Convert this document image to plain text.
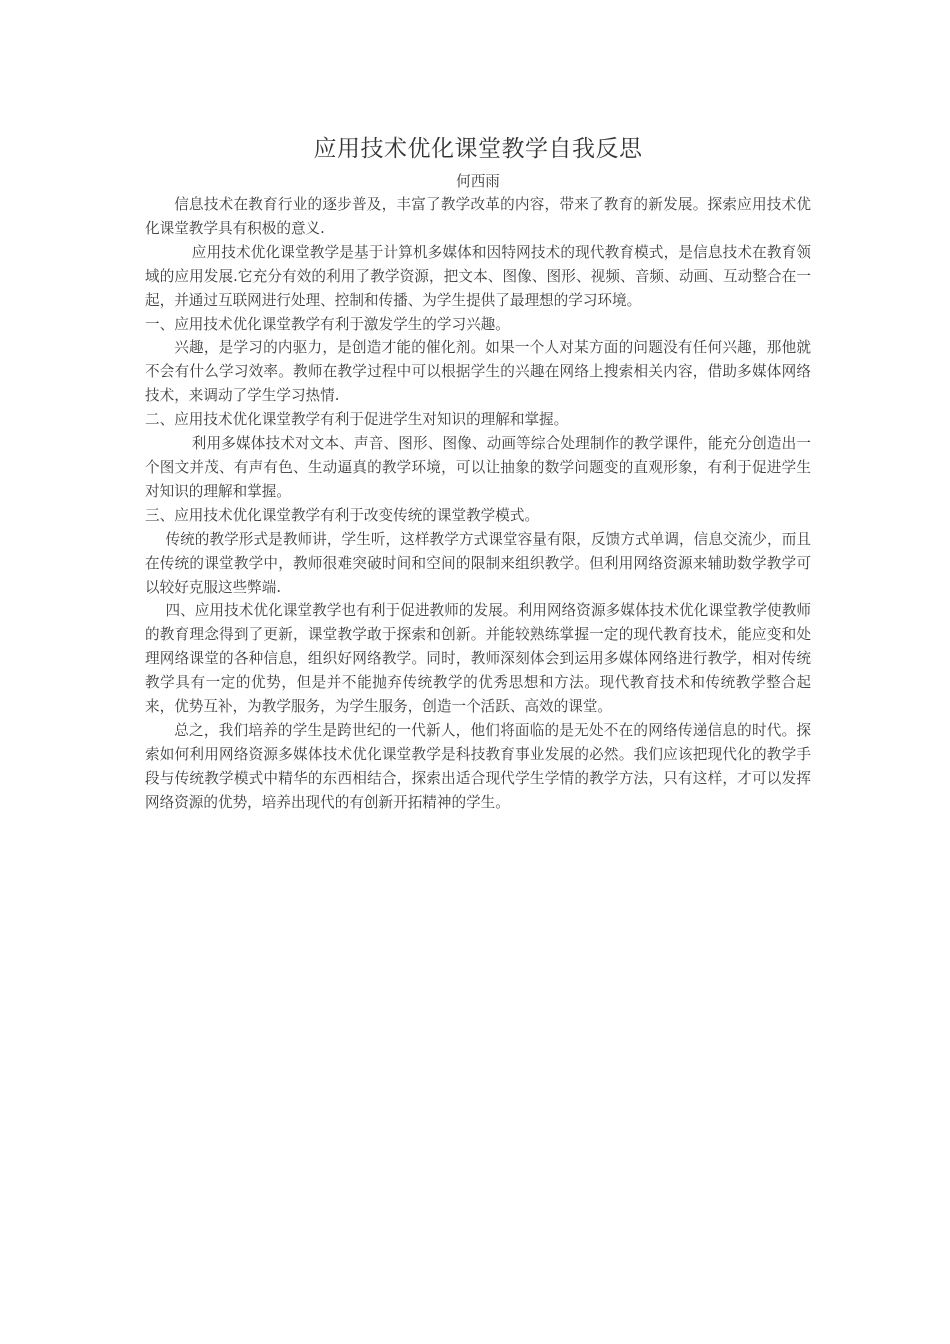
应用技术优化课堂教学自我反思

何西雨

信息技术在教育行业的逐步普及，丰富了教学改革的内容，带来了教育的新发展。探索应用技术优化课堂教学具有积极的意义.

应用技术优化课堂教学是基于计算机多媒体和因特网技术的现代教育模式，是信息技术在教育领域的应用发展.它充分有效的利用了教学资源，把文本、图像、图形、视频、音频、动画、互动整合在一起，并通过互联网进行处理、控制和传播、为学生提供了最理想的学习环境。

一、应用技术优化课堂教学有利于激发学生的学习兴趣。

兴趣，是学习的内驱力，是创造才能的催化剂。如果一个人对某方面的问题没有任何兴趣，那他就不会有什么学习效率。教师在教学过程中可以根据学生的兴趣在网络上搜索相关内容，借助多媒体网络技术，来调动了学生学习热情.

二、应用技术优化课堂教学有利于促进学生对知识的理解和掌握。

利用多媒体技术对文本、声音、图形、图像、动画等综合处理制作的教学课件，能充分创造出一个图文并茂、有声有色、生动逼真的教学环境，可以让抽象的数学问题变的直观形象，有利于促进学生对知识的理解和掌握。

三、应用技术优化课堂教学有利于改变传统的课堂教学模式。

传统的教学形式是教师讲，学生听，这样教学方式课堂容量有限，反馈方式单调，信息交流少，而且在传统的课堂教学中，教师很难突破时间和空间的限制来组织教学。但利用网络资源来辅助数学教学可以较好克服这些弊端.

四、应用技术优化课堂教学也有利于促进教师的发展。利用网络资源多媒体技术优化课堂教学使教师的教育理念得到了更新，课堂教学敢于探索和创新。并能较熟练掌握一定的现代教育技术，能应变和处理网络课堂的各种信息，组织好网络教学。同时，教师深刻体会到运用多媒体网络进行教学，相对传统教学具有一定的优势，但是并不能抛弃传统教学的优秀思想和方法。现代教育技术和传统教学整合起来，优势互补，为教学服务，为学生服务，创造一个活跃、高效的课堂。

总之，我们培养的学生是跨世纪的一代新人，他们将面临的是无处不在的网络传递信息的时代。探索如何利用网络资源多媒体技术优化课堂教学是科技教育事业发展的必然。我们应该把现代化的教学手段与传统教学模式中精华的东西相结合，探索出适合现代学生学情的教学方法，只有这样，才可以发挥网络资源的优势，培养出现代的有创新开拓精神的学生。
